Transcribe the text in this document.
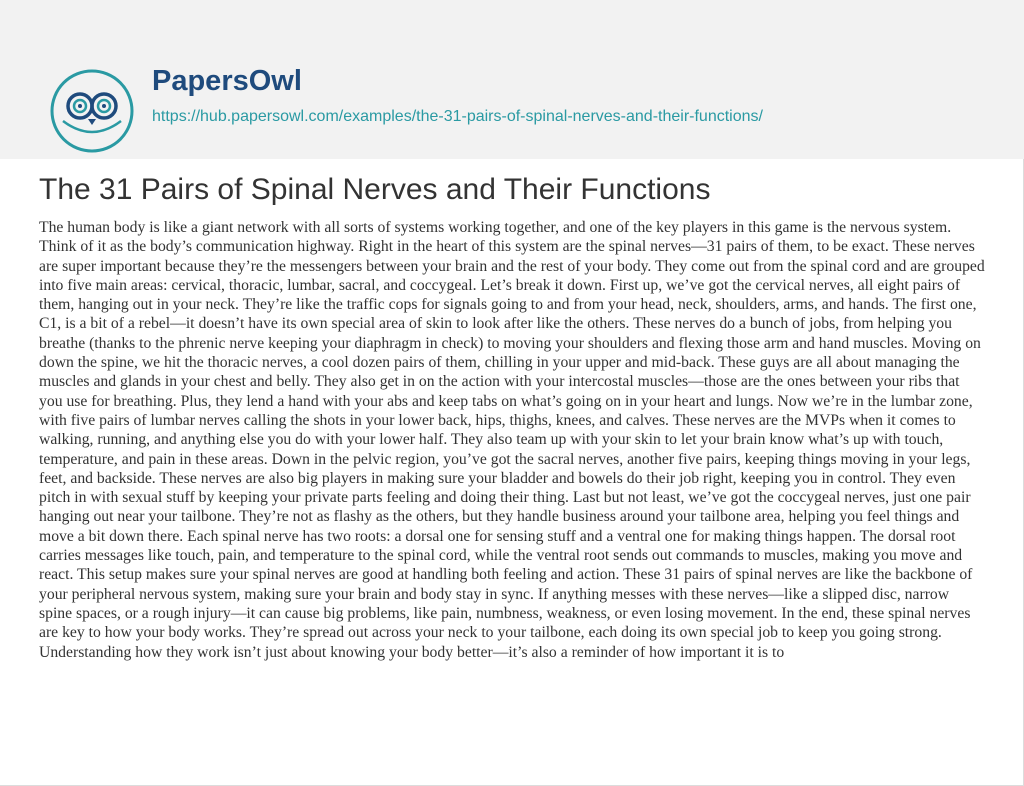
PapersOwl
https://hub.papersowl.com/examples/the-31-pairs-of-spinal-nerves-and-their-functions/
The 31 Pairs of Spinal Nerves and Their Functions

The human body is like a giant network with all sorts of systems working together, and one of the key players in this game is the nervous system. Think of it as the body’s communication highway. Right in the heart of this system are the spinal nerves—31 pairs of them, to be exact. These nerves are super important because they’re the messengers between your brain and the rest of your body. They come out from the spinal cord and are grouped into five main areas: cervical, thoracic, lumbar, sacral, and coccygeal. Let’s break it down. First up, we’ve got the cervical nerves, all eight pairs of them, hanging out in your neck. They’re like the traffic cops for signals going to and from your head, neck, shoulders, arms, and hands. The first one, C1, is a bit of a rebel—it doesn’t have its own special area of skin to look after like the others. These nerves do a bunch of jobs, from helping you breathe (thanks to the phrenic nerve keeping your diaphragm in check) to moving your shoulders and flexing those arm and hand muscles. Moving on down the spine, we hit the thoracic nerves, a cool dozen pairs of them, chilling in your upper and mid-back. These guys are all about managing the muscles and glands in your chest and belly. They also get in on the action with your intercostal muscles—those are the ones between your ribs that you use for breathing. Plus, they lend a hand with your abs and keep tabs on what’s going on in your heart and lungs. Now we’re in the lumbar zone, with five pairs of lumbar nerves calling the shots in your lower back, hips, thighs, knees, and calves. These nerves are the MVPs when it comes to walking, running, and anything else you do with your lower half. They also team up with your skin to let your brain know what’s up with touch, temperature, and pain in these areas. Down in the pelvic region, you’ve got the sacral nerves, another five pairs, keeping things moving in your legs, feet, and backside. These nerves are also big players in making sure your bladder and bowels do their job right, keeping you in control. They even pitch in with sexual stuff by keeping your private parts feeling and doing their thing. Last but not least, we’ve got the coccygeal nerves, just one pair hanging out near your tailbone. They’re not as flashy as the others, but they handle business around your tailbone area, helping you feel things and move a bit down there. Each spinal nerve has two roots: a dorsal one for sensing stuff and a ventral one for making things happen. The dorsal root carries messages like touch, pain, and temperature to the spinal cord, while the ventral root sends out commands to muscles, making you move and react. This setup makes sure your spinal nerves are good at handling both feeling and action. These 31 pairs of spinal nerves are like the backbone of your peripheral nervous system, making sure your brain and body stay in sync. If anything messes with these nerves—like a slipped disc, narrow spine spaces, or a rough injury—it can cause big problems, like pain, numbness, weakness, or even losing movement. In the end, these spinal nerves are key to how your body works. They’re spread out across your neck to your tailbone, each doing its own special job to keep you going strong. Understanding how they work isn’t just about knowing your body better—it’s also a reminder of how important it is to
